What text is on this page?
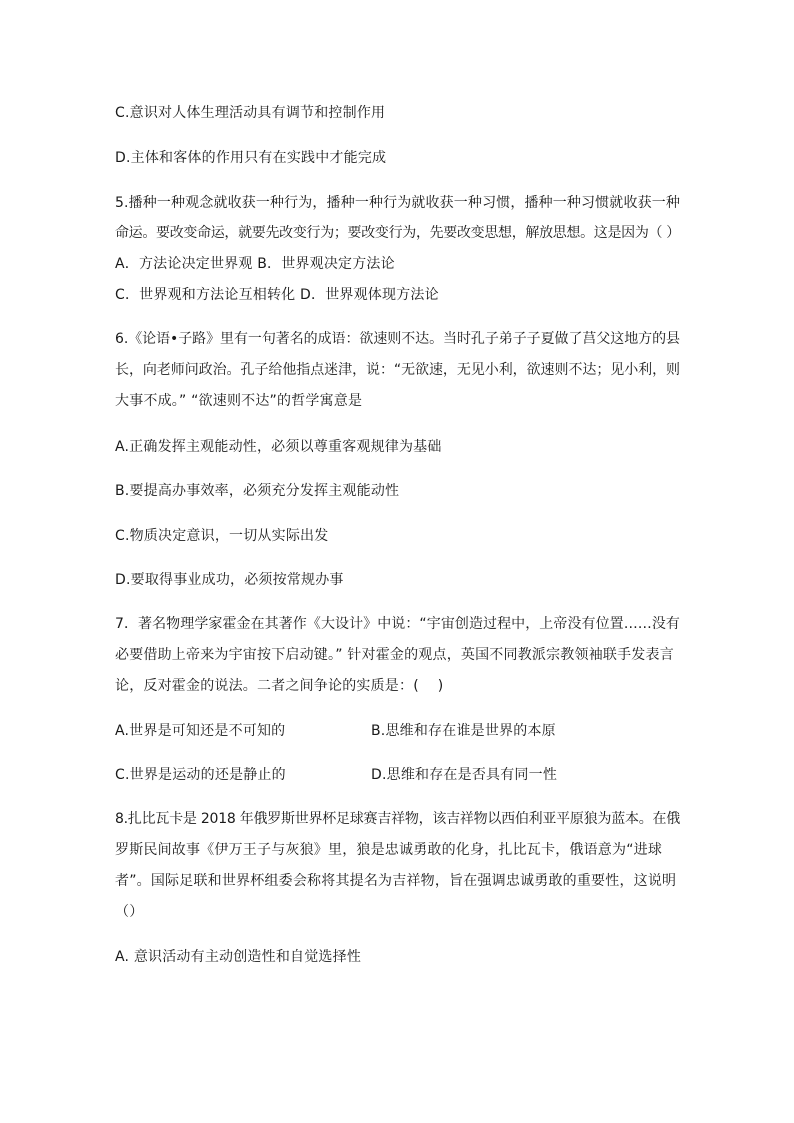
C.意识对人体生理活动具有调节和控制作用
D.主体和客体的作用只有在实践中才能完成
5.播种一种观念就收获一种行为，播种一种行为就收获一种习惯，播种一种习惯就收获一种
命运。要改变命运，就要先改变行为；要改变行为，先要改变思想，解放思想。这是因为（ ）
A．方法论决定世界观 B．世界观决定方法论
C．世界观和方法论互相转化 D．世界观体现方法论
6.《论语•子路》里有一句著名的成语：欲速则不达。当时孔子弟子子夏做了莒父这地方的县
长，向老师问政治。孔子给他指点迷津，说：“无欲速，无见小利，欲速则不达；见小利，则
大事不成。” “欲速则不达”的哲学寓意是
A.正确发挥主观能动性，必须以尊重客观规律为基础
B.要提高办事效率，必须充分发挥主观能动性
C.物质决定意识，一切从实际出发
D.要取得事业成功，必须按常规办事
7．著名物理学家霍金在其著作《大设计》中说：“宇宙创造过程中，上帝没有位置……没有
必要借助上帝来为宇宙按下启动键。” 针对霍金的观点，英国不同教派宗教领袖联手发表言
论，反对霍金的说法。二者之间争论的实质是：(　 )
A.世界是可知还是不可知的	B.思维和存在谁是世界的本原
C.世界是运动的还是静止的	D.思维和存在是否具有同一性
8.扎比瓦卡是 2018 年俄罗斯世界杯足球赛吉祥物，该吉祥物以西伯利亚平原狼为蓝本。在俄
罗斯民间故事《伊万王子与灰狼》里，狼是忠诚勇敢的化身，扎比瓦卡，俄语意为“进球
者”。国际足联和世界杯组委会称将其提名为吉祥物，旨在强调忠诚勇敢的重要性，这说明
（）
A. 意识活动有主动创造性和自觉选择性
